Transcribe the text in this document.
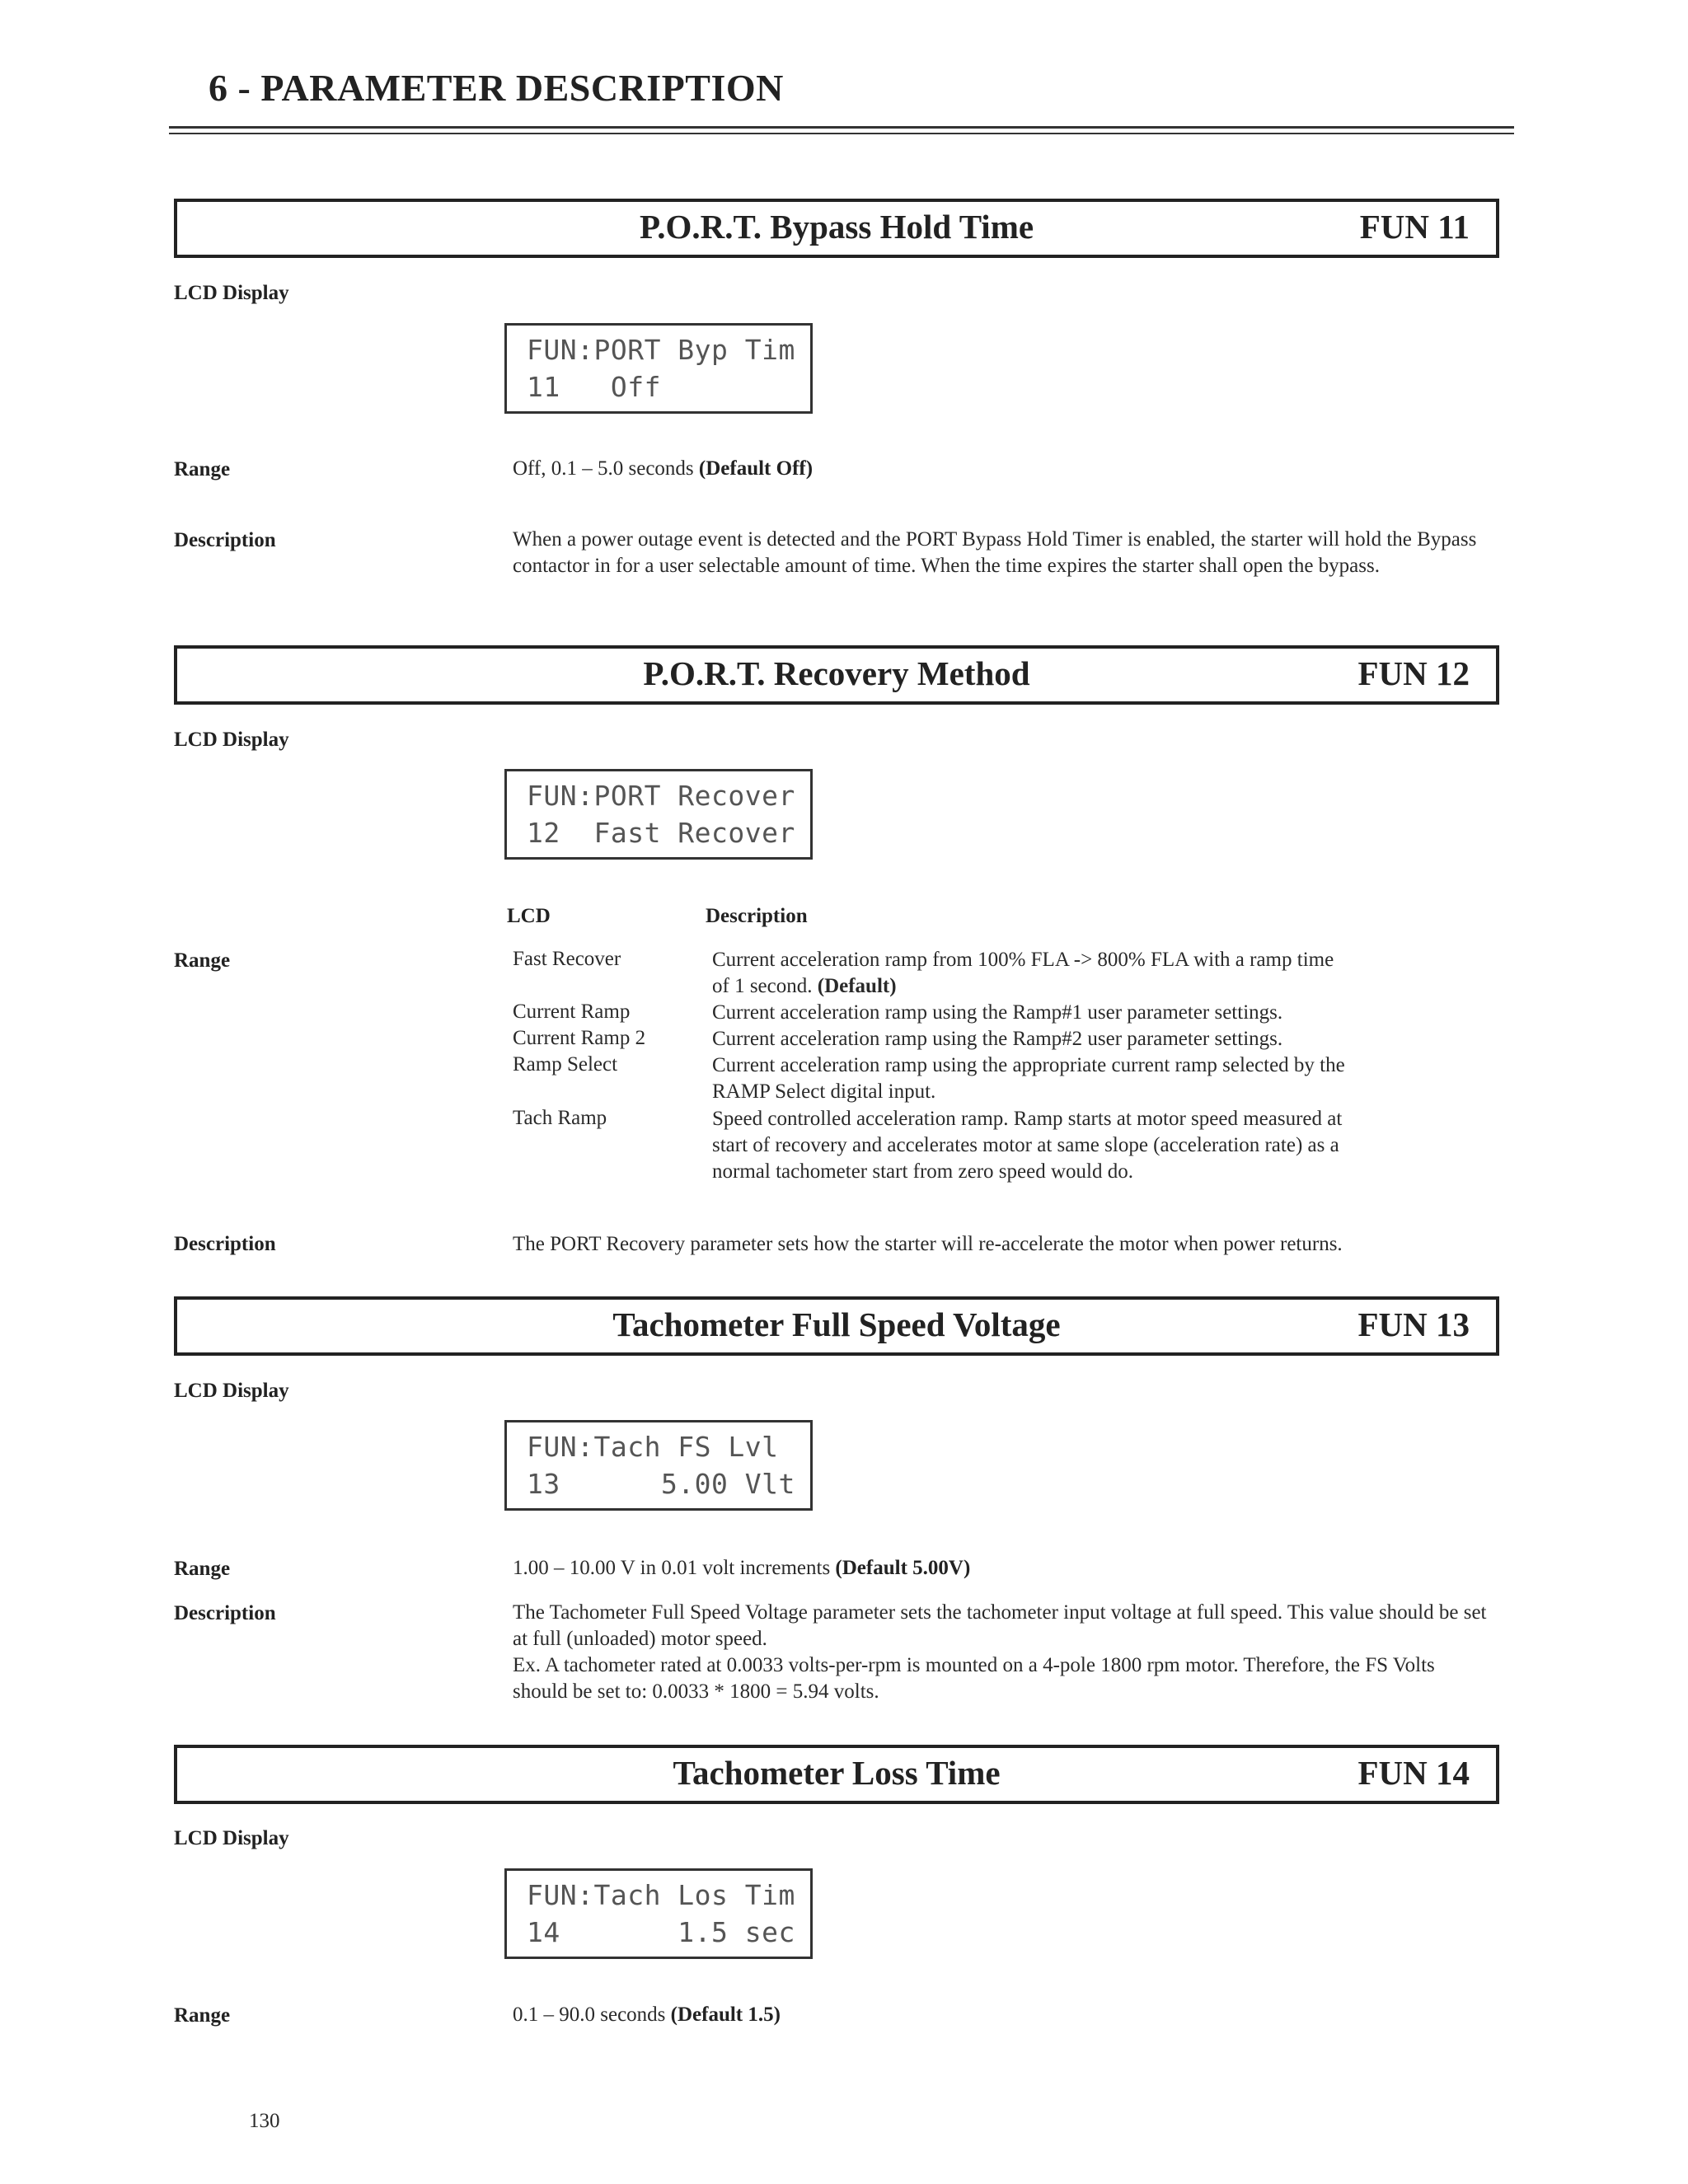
6 - PARAMETER DESCRIPTION
P.O.R.T. Bypass Hold Time	FUN 11
LCD Display
FUN:PORT Byp Tim
11   Off
Range	Off, 0.1 – 5.0 seconds (Default Off)
Description	When a power outage event is detected and the PORT Bypass Hold Timer is enabled, the starter will hold the Bypass contactor in for a user selectable amount of time. When the time expires the starter shall open the bypass.
P.O.R.T. Recovery Method	FUN 12
LCD Display
FUN:PORT Recover
12  Fast Recover
LCD	Description
Range	Fast Recover	Current acceleration ramp from 100% FLA -> 800% FLA with a ramp time of 1 second. (Default)
Current Ramp	Current acceleration ramp using the Ramp#1 user parameter settings.
Current Ramp 2	Current acceleration ramp using the Ramp#2 user parameter settings.
Ramp Select	Current acceleration ramp using the appropriate current ramp selected by the RAMP Select digital input.
Tach Ramp	Speed controlled acceleration ramp. Ramp starts at motor speed measured at start of recovery and accelerates motor at same slope (acceleration rate) as a normal tachometer start from zero speed would do.
Description	The PORT Recovery parameter sets how the starter will re-accelerate the motor when power returns.
Tachometer Full Speed Voltage	FUN 13
LCD Display
FUN:Tach FS Lvl
13      5.00 Vlt
Range	1.00 – 10.00 V in 0.01 volt increments (Default 5.00V)
Description	The Tachometer Full Speed Voltage parameter sets the tachometer input voltage at full speed. This value should be set at full (unloaded) motor speed.
Ex. A tachometer rated at 0.0033 volts-per-rpm is mounted on a 4-pole 1800 rpm motor. Therefore, the FS Volts should be set to: 0.0033 * 1800 = 5.94 volts.
Tachometer Loss Time	FUN 14
LCD Display
FUN:Tach Los Tim
14       1.5 sec
Range	0.1 – 90.0 seconds (Default 1.5)
130
